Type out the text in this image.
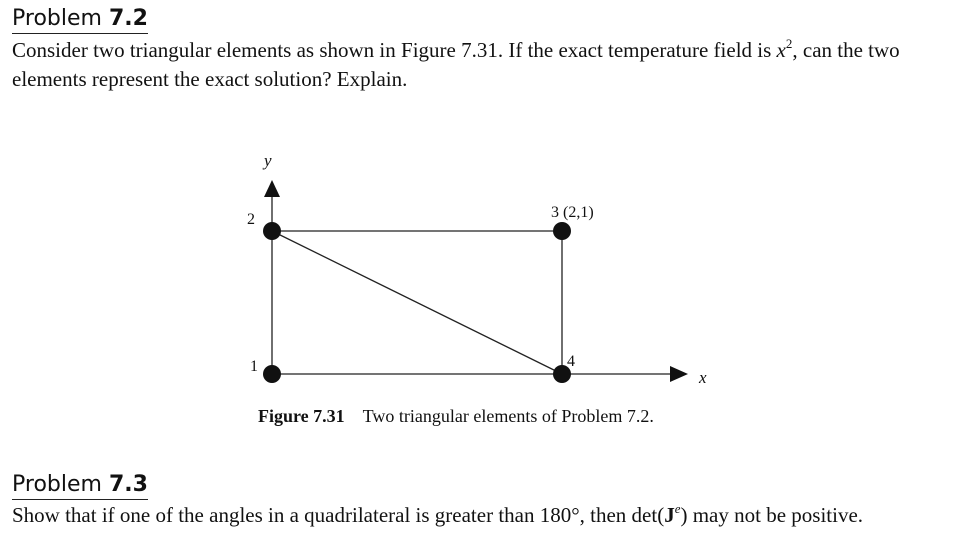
Problem 7.2
Consider two triangular elements as shown in Figure 7.31. If the exact temperature field is $x^2$, can the two elements represent the exact solution? Explain.
y
x
2
1
3 (2,1)
4
Figure 7.31 Two triangular elements of Problem 7.2.
Problem 7.3
Show that if one of the angles in a quadrilateral is greater than 180°, then $\det(J^e)$ may not be positive.
